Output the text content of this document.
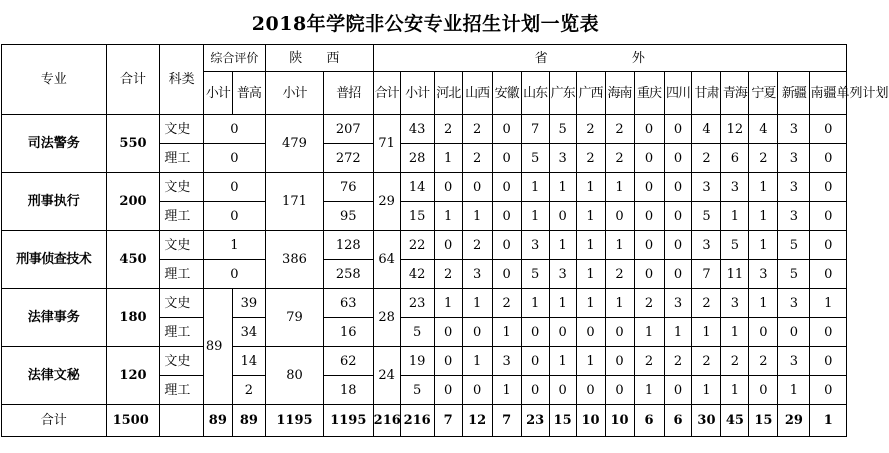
2018年学院非公安专业招生计划一览表
专业	合计	科类	综合评价		陕 西		省 外															
			小计	普高	小计	普招	合计	小计	河北	山西	安徽	山东	广东	广西	海南	重庆	四川	甘肃	青海	宁夏	新疆	南疆单列计划
司法警务	550	文史	0		479	207	71	43	2	2	0	7	5	2	2	0	0	4	12	4	3	0
		理工	0			272		28	1	2	0	5	3	2	2	0	0	2	6	2	3	0
刑事执行	200	文史	0		171	76	29	14	0	0	0	1	1	1	1	0	0	3	3	1	3	0
		理工	0			95		15	1	1	0	1	0	1	0	0	0	5	1	1	3	0
刑事侦查技术	450	文史	1		386	128	64	22	0	2	0	3	1	1	1	0	0	3	5	1	5	0
		理工	0			258		42	2	3	0	5	3	1	2	0	0	7	11	3	5	0
法律事务	180	文史	89	39	79	63	28	23	1	1	2	1	1	1	1	2	3	2	3	1	3	1
		理工		34		16		5	0	0	1	0	0	0	0	1	1	1	1	0	0	0
法律文秘	120	文史		14	80	62	24	19	0	1	3	0	1	1	0	2	2	2	2	2	3	0
		理工		2		18		5	0	0	1	0	0	0	0	1	0	1	1	0	1	0
合计	1500		89	89	1195	1195	216	216	7	12	7	23	15	10	10	6	6	30	45	15	29	1
